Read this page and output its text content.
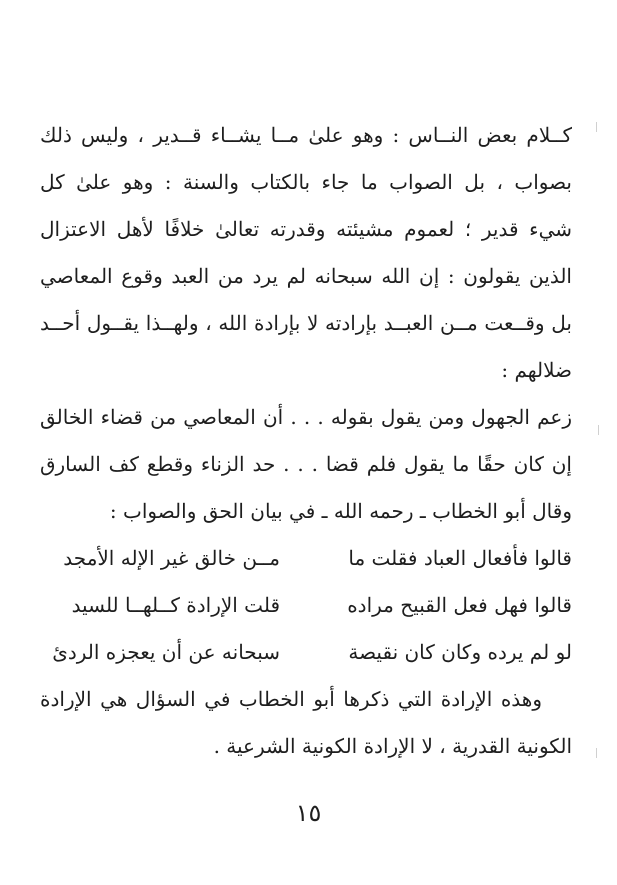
كــلام بعض النــاس : وهو علىٰ مــا يشــاء قــدير ، وليس ذلك
بصواب ، بل الصواب ما جاء بالكتاب والسنة : وهو علىٰ كل
شيء قدير ؛ لعموم مشيئته وقدرته تعالىٰ خلافًا لأهل الاعتزال
الذين يقولون : إن الله سبحانه لم يرد من العبد وقوع المعاصي
بل وقــعت مــن العبــد بإرادته لا بإرادة الله ، ولهــذا يقــول أحــد
ضلالهم :
زعم الجهول ومن يقول بقوله . . . أن المعاصي من قضاء الخالق
إن كان حقًا ما يقول فلم قضا . . . حد الزناء وقطع كف السارق
وقال أبو الخطاب ـ رحمه الله ـ في بيان الحق والصواب :
قالوا فأفعال العباد فقلت ما
مــن خالق غير الإله الأمجد
قالوا فهل فعل القبيح مراده
قلت الإرادة كــلهــا للسيد
لو لم يرده وكان كان نقيصة
سبحانه عن أن يعجزه الردئ
وهذه الإرادة التي ذكرها أبو الخطاب في السؤال هي الإرادة
الكونية القدرية ، لا الإرادة الكونية الشرعية .
١٥
